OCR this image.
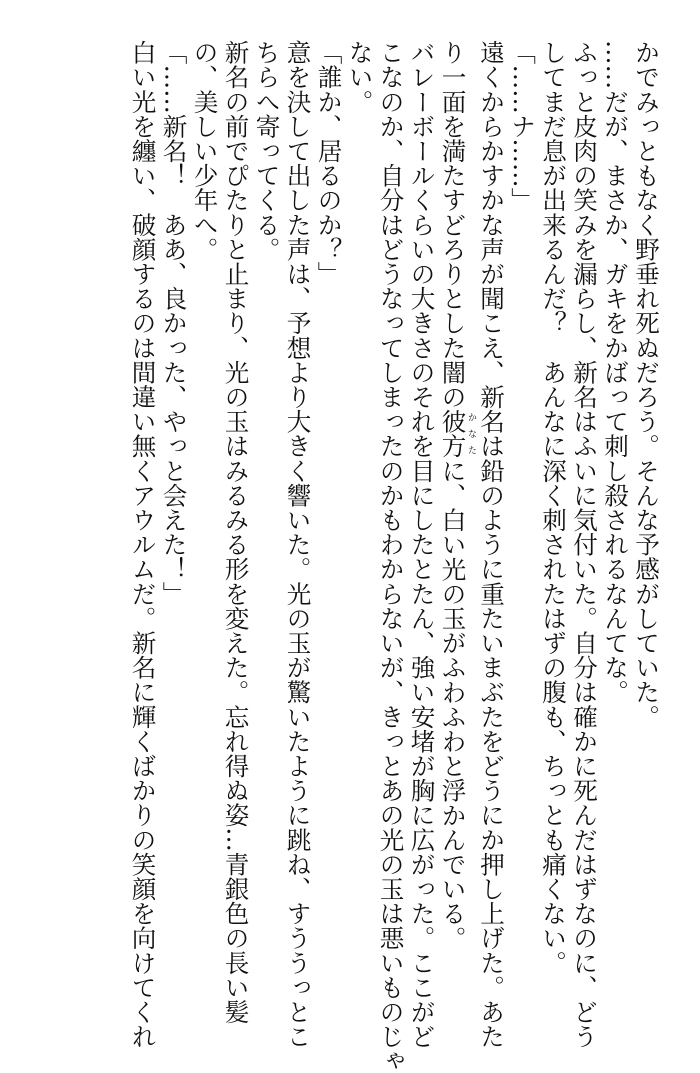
かでみっともなく野垂れ死ぬだろう。そんな予感がしていた。
……だが、まさか、ガキをかばって刺し殺されるなんてな。
ふっと皮肉の笑みを漏らし、新名はふいに気付いた。自分は確かに死んだはずなのに、どう
してまだ息が出来るんだ？　あんなに深く刺されたはずの腹も、ちっとも痛くない。
「……ナ……」
遠くからかすかな声が聞こえ、新名は鉛のように重たいまぶたをどうにか押し上げた。あた
り一面を満たすどろりとした闇の彼方かなたに、白い光の玉がふわふわと浮かんでいる。
バレーボールくらいの大きさのそれを目にしたとたん、強い安堵が胸に広がった。ここがど
こなのか、自分はどうなってしまったのかもわからないが、きっとあの光の玉は悪いものじゃ
ない。
「誰か、居るのか？」
意を決して出した声は、予想より大きく響いた。光の玉が驚いたように跳ね、すううっとこ
ちらへ寄ってくる。
新名の前でぴたりと止まり、光の玉はみるみる形を変えた。忘れ得ぬ姿…青銀色の長い髪
の、美しい少年へ。
「……新名！　ああ、良かった、やっと会えた！」
白い光を纏い、破顔するのは間違い無くアウルムだ。新名に輝くばかりの笑顔を向けてくれ
